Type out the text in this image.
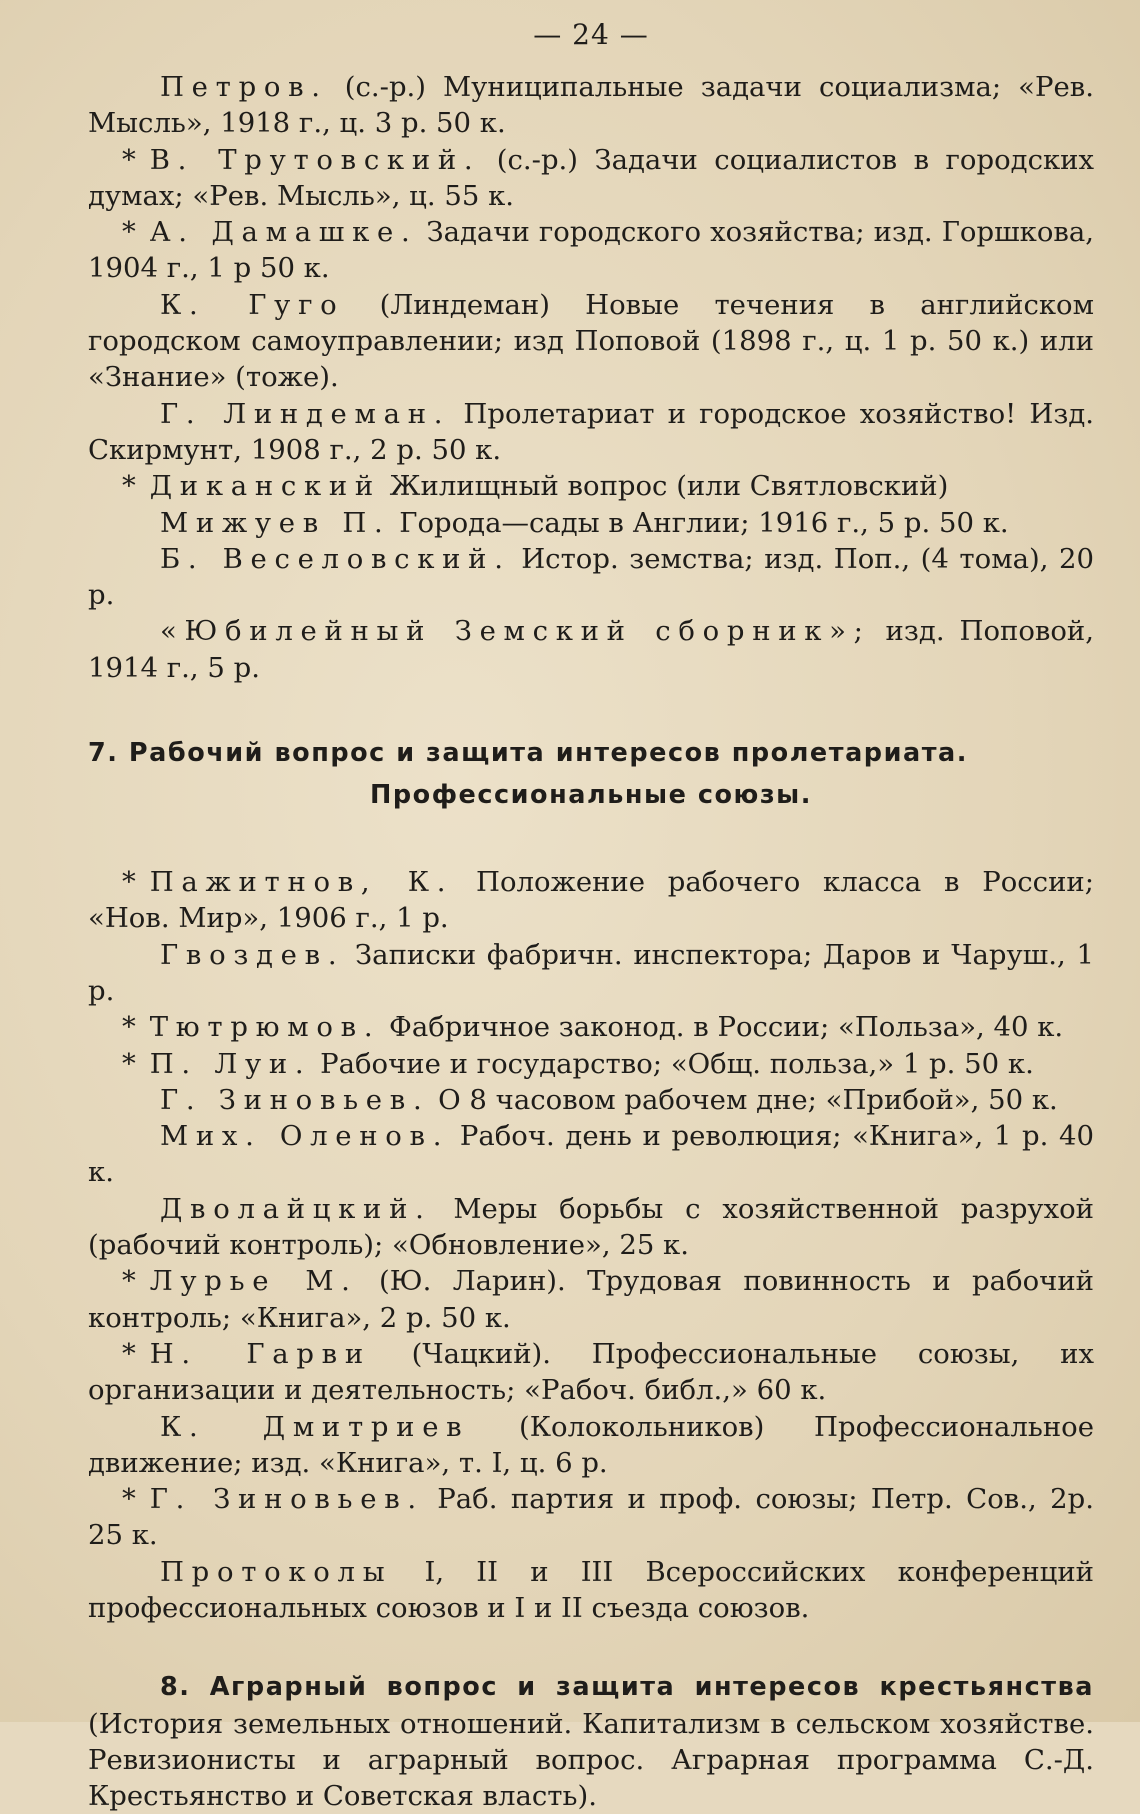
— 24 —

Петров. (с.-р.) Муниципальные задачи социализма; «Рев. Мысль», 1918 г., ц. 3 р. 50 к.

* В. Трутовский. (с.-р.) Задачи социалистов в городских думах; «Рев. Мысль», ц. 55 к.

* А. Дамашке. Задачи городского хозяйства; изд. Горшкова, 1904 г., 1 р 50 к.

К. Гуго (Линдеман) Новые течения в английском городском самоуправлении; изд Поповой (1898 г., ц. 1 р. 50 к.) или «Знание» (тоже).

Г. Линдеман. Пролетариат и городское хозяйство! Изд. Скирмунт, 1908 г., 2 р. 50 к.

* Диканский Жилищный вопрос (или Святловский)

Мижуев П. Города—сады в Англии; 1916 г., 5 р. 50 к.

Б. Веселовский. Истор. земства; изд. Поп., (4 тома), 20 р.

«Юбилейный Земский сборник»; изд. Поповой, 1914 г., 5 р.

7. Рабочий вопрос и защита интересов пролетариата.
Профессиональные союзы.

* Пажитнов, К. Положение рабочего класса в России; «Нов. Мир», 1906 г., 1 р.

Гвоздев. Записки фабричн. инспектора; Даров и Чаруш., 1 р.

* Тютрюмов. Фабричное законод. в России; «Польза», 40 к.

* П. Луи. Рабочие и государство; «Общ. польза,» 1 р. 50 к.

Г. Зиновьев. О 8 часовом рабочем дне; «Прибой», 50 к.

Мих. Оленов. Рабоч. день и революция; «Книга», 1 р. 40 к.

Дволайцкий. Меры борьбы с хозяйственной разрухой (рабочий контроль); «Обновление», 25 к.

* Лурье М. (Ю. Ларин). Трудовая повинность и рабочий контроль; «Книга», 2 р. 50 к.

* Н. Гарви (Чацкий). Профессиональные союзы, их организации и деятельность; «Рабоч. библ.,» 60 к.

К. Дмитриев (Колокольников) Профессиональное движение; изд. «Книга», т. I, ц. 6 р.

* Г. Зиновьев. Раб. партия и проф. союзы; Петр. Сов., 2р. 25 к.

Протоколы I, II и III Всероссийских конференций профессиональных союзов и I и II съезда союзов.

8. Аграрный вопрос и защита интересов крестьянства (История земельных отношений. Капитализм в сельском хозяйстве. Ревизионисты и аграрный вопрос. Аграрная программа С.-Д. Крестьянство и Советская власть).
